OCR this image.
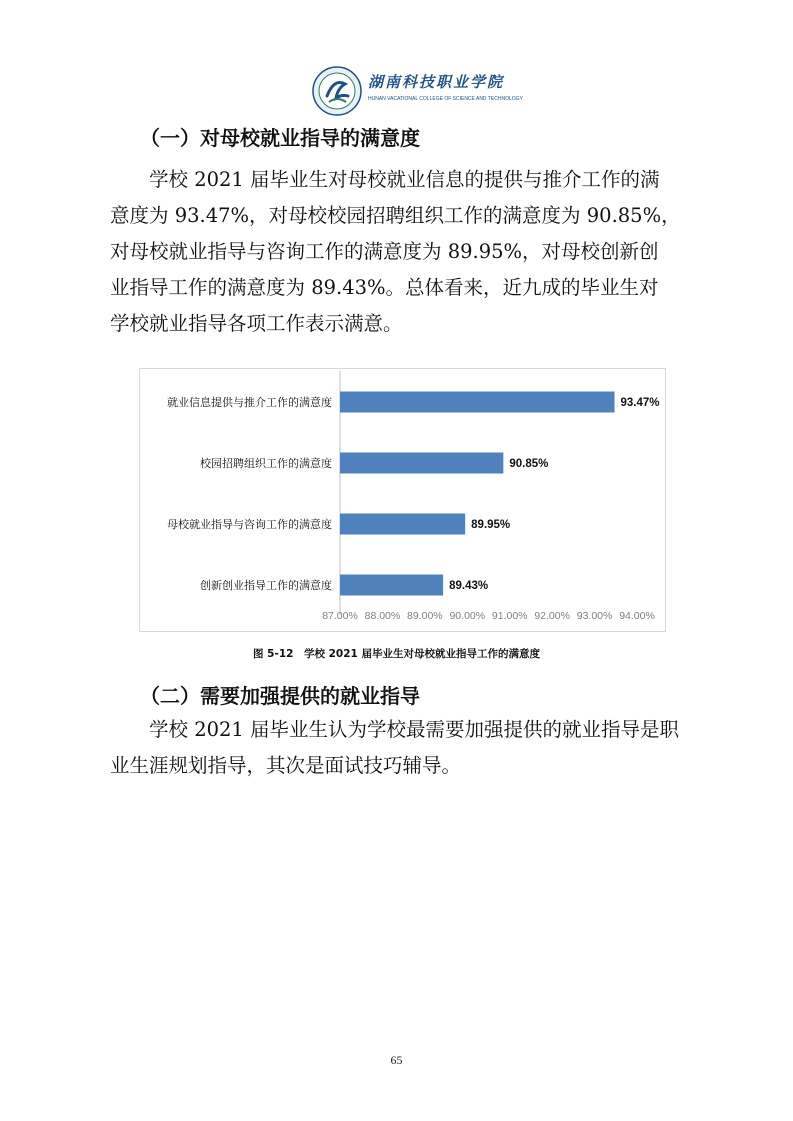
湖南科技职业学院
HUNAN VACATIONAL COLLEGE OF SCIENCE AND TECHNOLOGY
（一）对母校就业指导的满意度

　　学校 2021 届毕业生对母校就业信息的提供与推介工作的满

意度为 93.47%，对母校校园招聘组织工作的满意度为 90.85%，

对母校就业指导与咨询工作的满意度为 89.95%，对母校创新创

业指导工作的满意度为 89.43%。总体看来，近九成的毕业生对

学校就业指导各项工作表示满意。

就业信息提供与推介工作的满意度	93.47%
校园招聘组织工作的满意度	90.85%
母校就业指导与咨询工作的满意度	89.95%
创新创业指导工作的满意度	89.43%
87.00% 88.00% 89.00% 90.00% 91.00% 92.00% 93.00% 94.00%
图 5-12　学校 2021 届毕业生对母校就业指导工作的满意度
（二）需要加强提供的就业指导

　　学校 2021 届毕业生认为学校最需要加强提供的就业指导是职

业生涯规划指导，其次是面试技巧辅导。

65
